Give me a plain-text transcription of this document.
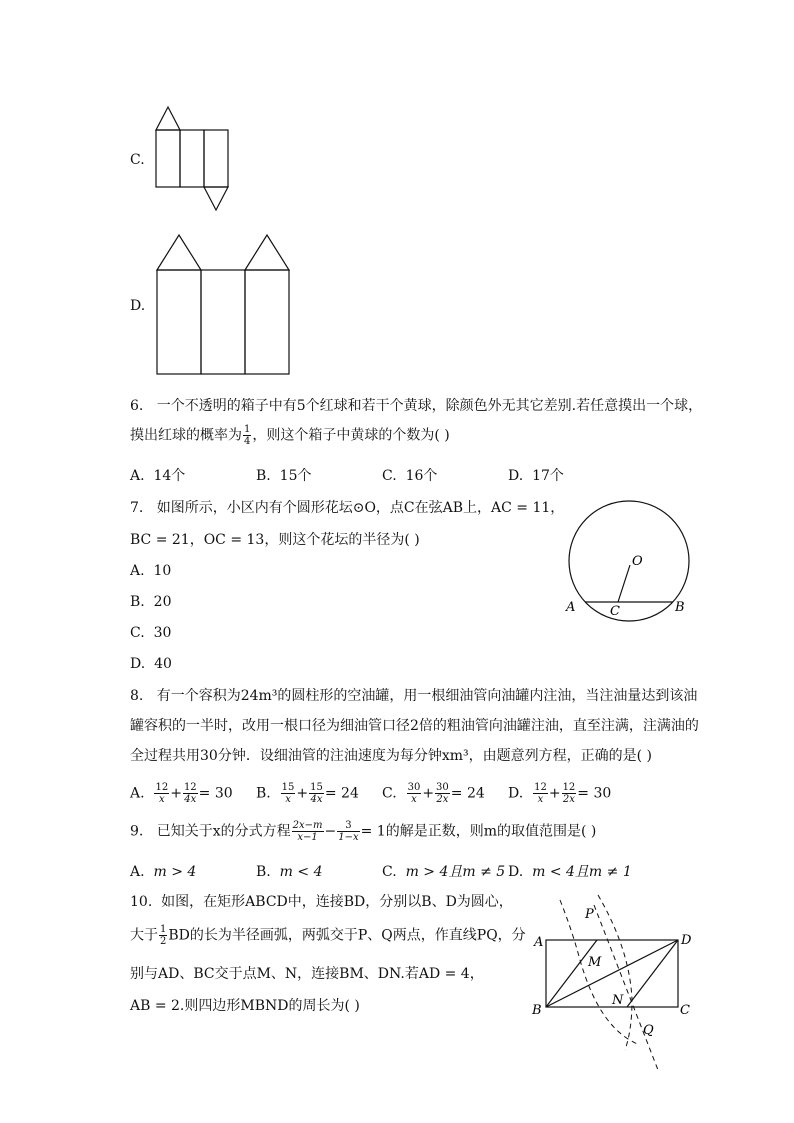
C.
D.
6. 一个不透明的箱子中有5个红球和若干个黄球，除颜色外无其它差别.若任意摸出一个球，
摸出红球的概率为 $\frac{1}{4}$ ，则这个箱子中黄球的个数为( )
A. 14个	B. 15个	C. 16个	D. 17个
7. 如图所示，小区内有个圆形花坛⊙O，点C在弦AB上，AC = 11，
BC = 21，OC = 13，则这个花坛的半径为( )
A. 10
B. 20
C. 30
D. 40
O
A	B
C
8. 有一个容积为24m³的圆柱形的空油罐，用一根细油管向油罐内注油，当注油量达到该油
罐容积的一半时，改用一根口径为细油管口径2倍的粗油管向油罐注油，直至注满，注满油的
全过程共用30分钟．设细油管的注油速度为每分钟xm³，由题意列方程，正确的是( )
A. $\frac{12}{x} + \frac{12}{4x} = 30$ B. $\frac{15}{x} + \frac{15}{4x} = 24$ C. $\frac{30}{x} + \frac{30}{2x} = 24$ D. $\frac{12}{x} + \frac{12}{2x} = 30$
9. 已知关于x的分式方程 $\frac{2x-m}{x-1} - \frac{3}{1-x} = 1$的解是正数，则m的取值范围是( )
A. m > 4	B. m < 4	C. m > 4且m ≠ 5 D. m < 4且m ≠ 1
10. 如图，在矩形ABCD中，连接BD，分别以B、D为圆心，
大于 $\frac{1}{2}$ BD的长为半径画弧，两弧交于P、Q两点，作直线PQ，分
别与AD、BC交于点M、N，连接BM、DN.若AD = 4，
AB = 2.则四边形MBND的周长为( )
P
A	D
M
N
B	C
Q
